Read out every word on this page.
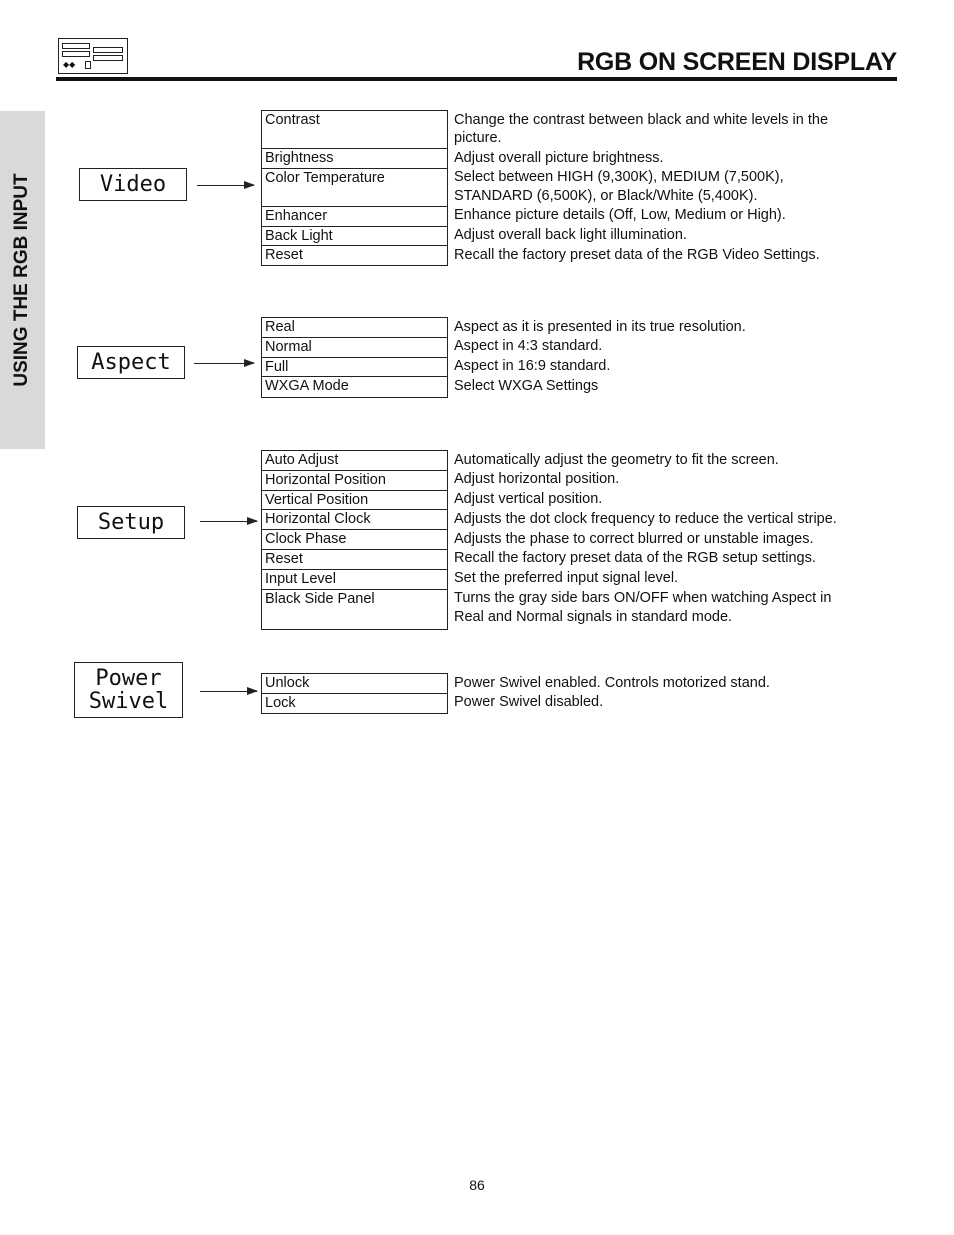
◆◆	RGB ON SCREEN DISPLAY
USING THE RGB INPUT	Video
Contrast	Change the contrast between black and white levels in the
picture.
Brightness	Adjust overall picture brightness.
Color Temperature	Select between HIGH (9,300K), MEDIUM (7,500K),
STANDARD (6,500K), or Black/White (5,400K).
Enhancer	Enhance picture details (Off, Low, Medium or High).
Back Light	Adjust overall back light illumination.
Reset	Recall the factory preset data of the RGB Video Settings.
Aspect
Real	Aspect as it is presented in its true resolution.
Normal	Aspect in 4:3 standard.
Full	Aspect in 16:9 standard.
WXGA Mode	Select WXGA Settings
Setup
Auto Adjust	Automatically adjust the geometry to fit the screen.
Horizontal Position	Adjust horizontal position.
Vertical Position	Adjust vertical position.
Horizontal Clock	Adjusts the dot clock frequency to reduce the vertical stripe.
Clock Phase	Adjusts the phase to correct blurred or unstable images.
Reset	Recall the factory preset data of the RGB setup settings.
Input Level	Set the preferred input signal level.
Black Side Panel	Turns the gray side bars ON/OFF when watching Aspect in
Real and Normal signals in standard mode.
Power
Swivel
Unlock	Power Swivel enabled. Controls motorized stand.
Lock	Power Swivel disabled.
86
